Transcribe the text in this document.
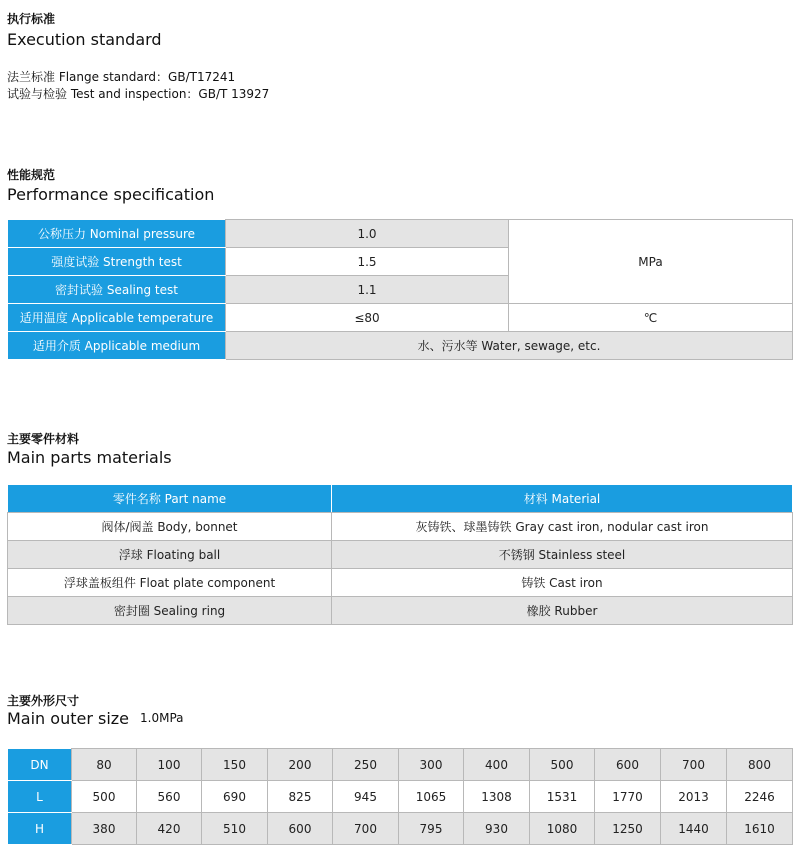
执行标准
Execution standard
法兰标准 Flange standard：GB/T17241
试验与检验 Test and inspection：GB/T 13927
性能规范
Performance specification
公称压力 Nominal pressure	1.0	MPa
强度试验 Strength test	1.5	
密封试验 Sealing test	1.1	
适用温度 Applicable temperature	≤80	℃
适用介质 Applicable medium	水、污水等 Water, sewage, etc.	
主要零件材料
Main parts materials
零件名称 Part name	材料 Material
阀体/阀盖 Body, bonnet	灰铸铁、球墨铸铁 Gray cast iron, nodular cast iron
浮球 Floating ball	不锈钢 Stainless steel
浮球盖板组件 Float plate component	铸铁 Cast iron
密封圈 Sealing ring	橡胶 Rubber
主要外形尺寸
Main outer size 1.0MPa
DN	80	100	150	200	250	300	400	500	600	700	800
L	500	560	690	825	945	1065	1308	1531	1770	2013	2246
H	380	420	510	600	700	795	930	1080	1250	1440	1610
